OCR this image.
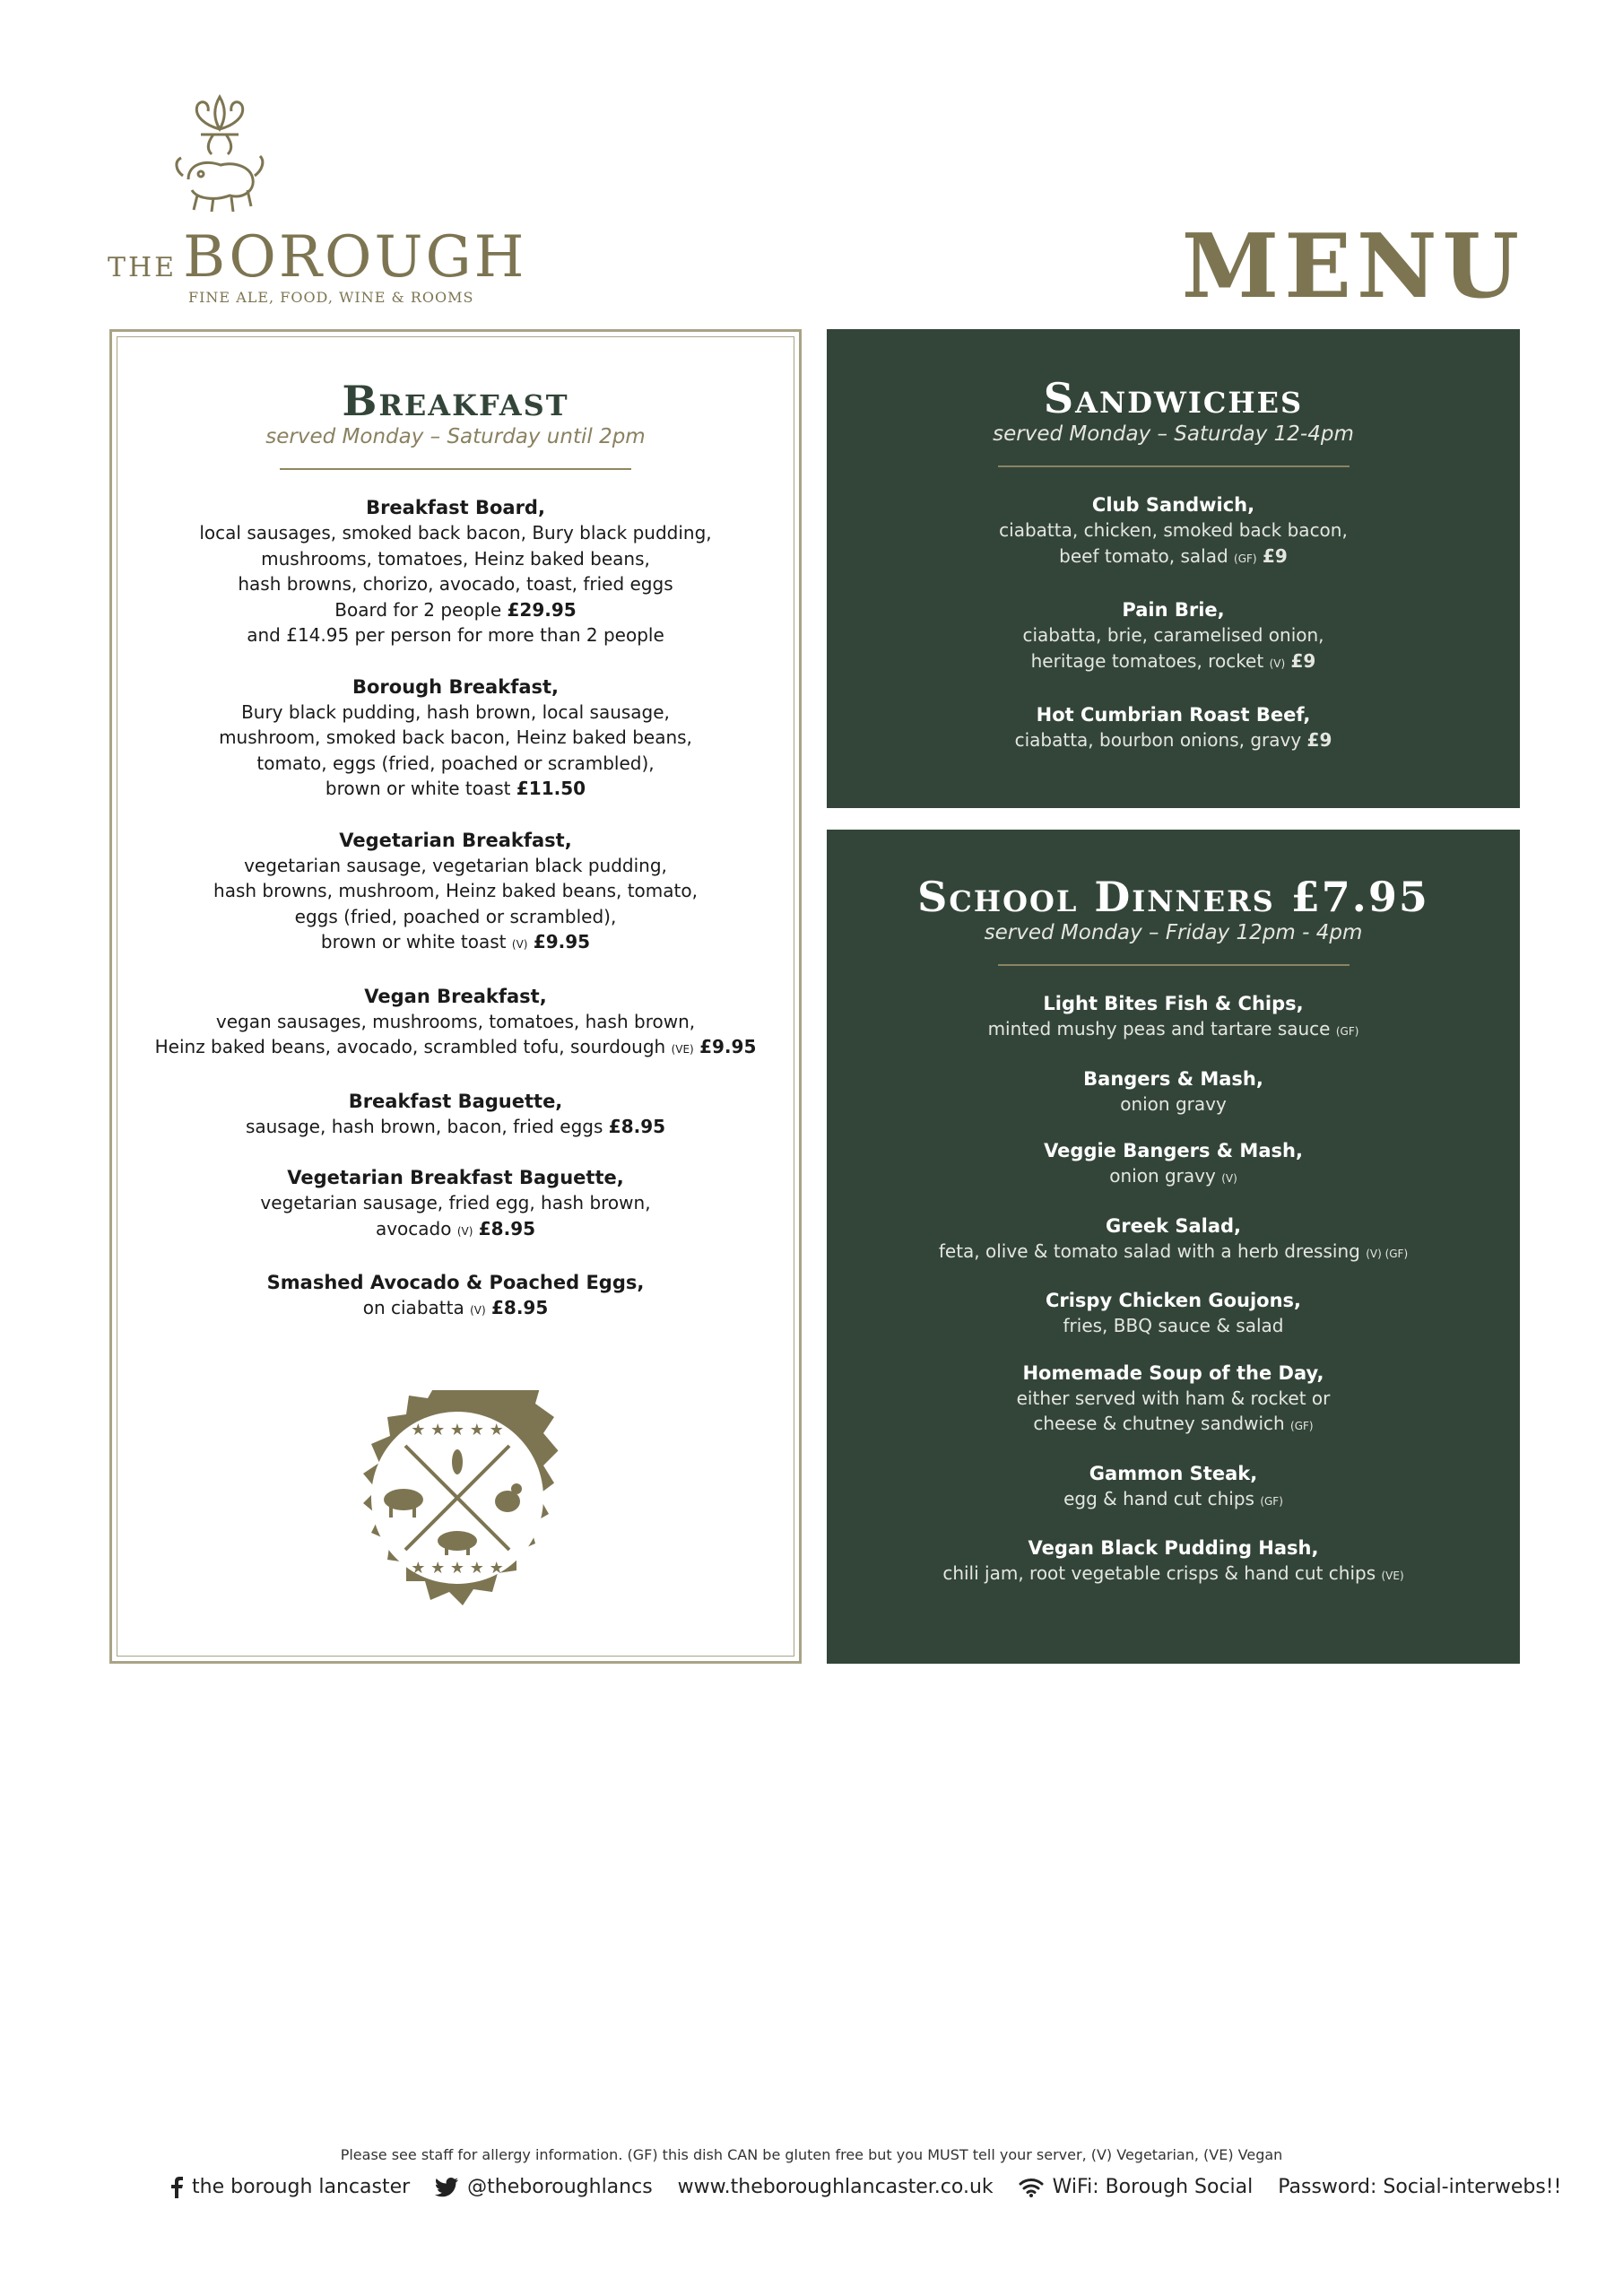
THE BOROUGH
FINE ALE, FOOD, WINE & ROOMS	MENU
Breakfast
served Monday – Saturday until 2pm
Breakfast Board,
local sausages, smoked back bacon, Bury black pudding,
mushrooms, tomatoes, Heinz baked beans,
hash browns, chorizo, avocado, toast, fried eggs
Board for 2 people £29.95
and £14.95 per person for more than 2 people
Borough Breakfast,
Bury black pudding, hash brown, local sausage,
mushroom, smoked back bacon, Heinz baked beans,
tomato, eggs (fried, poached or scrambled),
brown or white toast £11.50
Vegetarian Breakfast,
vegetarian sausage, vegetarian black pudding,
hash browns, mushroom, Heinz baked beans, tomato,
eggs (fried, poached or scrambled),
brown or white toast (V) £9.95
Vegan Breakfast,
vegan sausages, mushrooms, tomatoes, hash brown,
Heinz baked beans, avocado, scrambled tofu, sourdough (VE) £9.95
Breakfast Baguette,
sausage, hash brown, bacon, fried eggs £8.95
Vegetarian Breakfast Baguette,
vegetarian sausage, fried egg, hash brown,
avocado (V) £8.95
Smashed Avocado & Poached Eggs,
on ciabatta (V) £8.95
★ ★ ★ ★ ★
★ ★ ★ ★ ★
Sandwiches
served Monday – Saturday 12-4pm
Club Sandwich,
ciabatta, chicken, smoked back bacon,
beef tomato, salad (GF) £9
Pain Brie,
ciabatta, brie, caramelised onion,
heritage tomatoes, rocket (V) £9
Hot Cumbrian Roast Beef,
ciabatta, bourbon onions, gravy £9
School Dinners £7.95
served Monday – Friday 12pm - 4pm
Light Bites Fish & Chips,
minted mushy peas and tartare sauce (GF)
Bangers & Mash,
onion gravy
Veggie Bangers & Mash,
onion gravy (V)
Greek Salad,
feta, olive & tomato salad with a herb dressing (V) (GF)
Crispy Chicken Goujons,
fries, BBQ sauce & salad
Homemade Soup of the Day,
either served with ham & rocket or
cheese & chutney sandwich (GF)
Gammon Steak,
egg & hand cut chips (GF)
Vegan Black Pudding Hash,
chili jam, root vegetable crisps & hand cut chips (VE)
Please see staff for allergy information. (GF) this dish CAN be gluten free but you MUST tell your server, (V) Vegetarian, (VE) Vegan
the borough lancaster	@theboroughlancs www.theboroughlancaster.co.uk	WiFi: Borough Social Password: Social-interwebs!!
